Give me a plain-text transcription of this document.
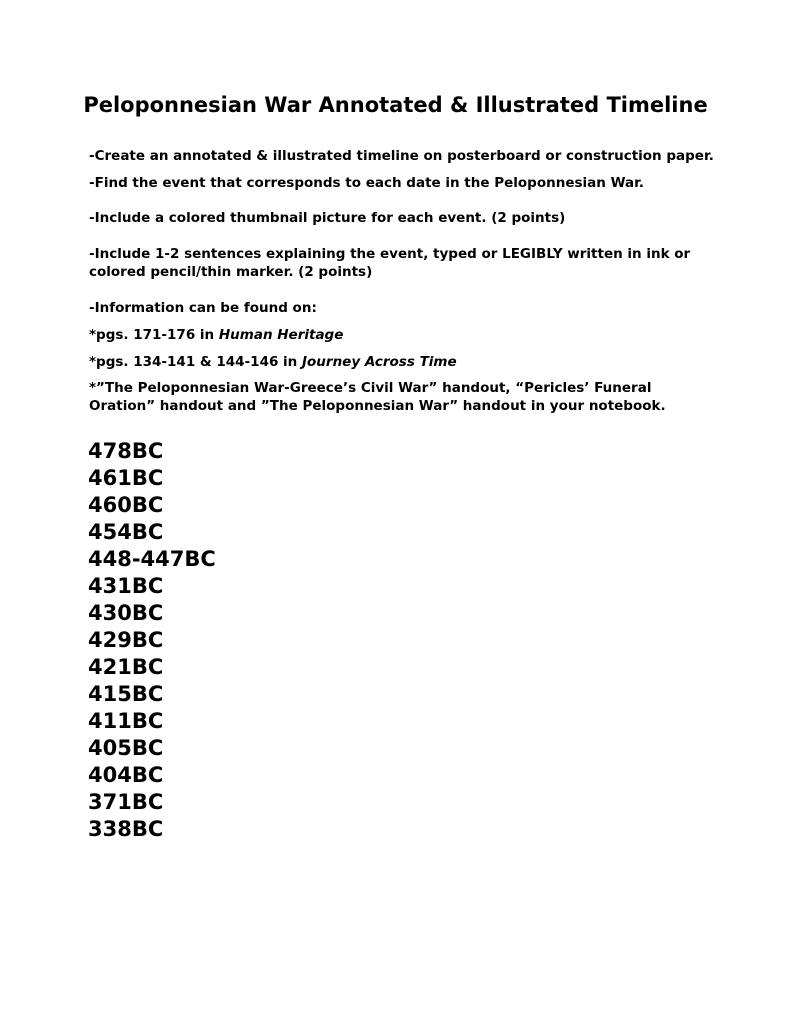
Peloponnesian War Annotated & Illustrated Timeline
-Create an annotated & illustrated timeline on posterboard or construction paper.
-Find the event that corresponds to each date in the Peloponnesian War.
-Include a colored thumbnail picture for each event. (2 points)
-Include 1-2 sentences explaining the event, typed or LEGIBLY written in ink or
colored pencil/thin marker. (2 points)
-Information can be found on:
*pgs. 171-176 in Human Heritage
*pgs. 134-141 & 144-146 in Journey Across Time
*”The Peloponnesian War-Greece’s Civil War” handout, “Pericles’ Funeral
Oration” handout and ”The Peloponnesian War” handout in your notebook.
478BC
461BC
460BC
454BC
448-447BC
431BC
430BC
429BC
421BC
415BC
411BC
405BC
404BC
371BC
338BC
